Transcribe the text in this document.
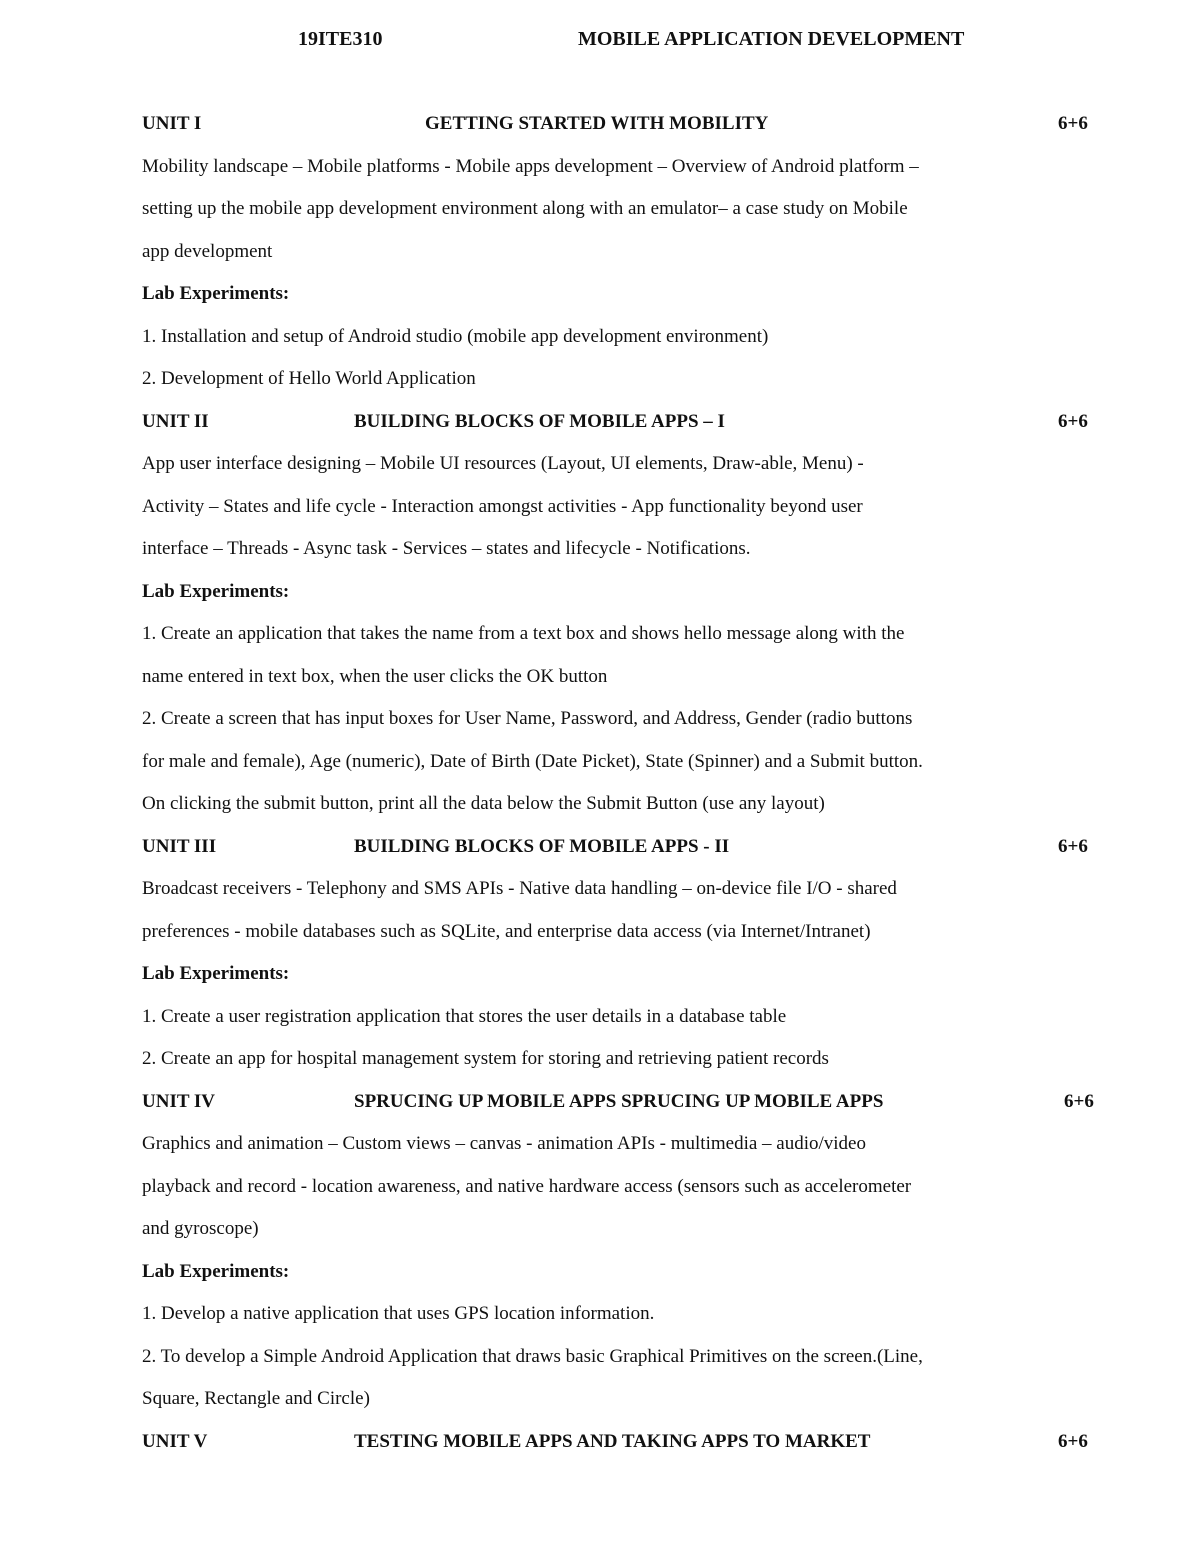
19ITE310	MOBILE APPLICATION DEVELOPMENT
UNIT I	GETTING STARTED WITH MOBILITY	6+6
Mobility landscape – Mobile platforms - Mobile apps development – Overview of Android platform –
setting up the mobile app development environment along with an emulator– a case study on Mobile
app development
Lab Experiments:
1. Installation and setup of Android studio (mobile app development environment)
2. Development of Hello World Application
UNIT II	BUILDING BLOCKS OF MOBILE APPS – I	6+6
App user interface designing – Mobile UI resources (Layout, UI elements, Draw-able, Menu) -
Activity – States and life cycle - Interaction amongst activities - App functionality beyond user
interface – Threads - Async task - Services – states and lifecycle - Notifications.
Lab Experiments:
1. Create an application that takes the name from a text box and shows hello message along with the
name entered in text box, when the user clicks the OK button
2. Create a screen that has input boxes for User Name, Password, and Address, Gender (radio buttons
for male and female), Age (numeric), Date of Birth (Date Picket), State (Spinner) and a Submit button.
On clicking the submit button, print all the data below the Submit Button (use any layout)
UNIT III	BUILDING BLOCKS OF MOBILE APPS - II	6+6
Broadcast receivers - Telephony and SMS APIs - Native data handling – on-device file I/O - shared
preferences - mobile databases such as SQLite, and enterprise data access (via Internet/Intranet)
Lab Experiments:
1. Create a user registration application that stores the user details in a database table
2. Create an app for hospital management system for storing and retrieving patient records
UNIT IV	SPRUCING UP MOBILE APPS SPRUCING UP MOBILE APPS	6+6
Graphics and animation – Custom views – canvas - animation APIs - multimedia – audio/video
playback and record - location awareness, and native hardware access (sensors such as accelerometer
and gyroscope)
Lab Experiments:
1. Develop a native application that uses GPS location information.
2. To develop a Simple Android Application that draws basic Graphical Primitives on the screen.(Line,
Square, Rectangle and Circle)
UNIT V	TESTING MOBILE APPS AND TAKING APPS TO MARKET	6+6
